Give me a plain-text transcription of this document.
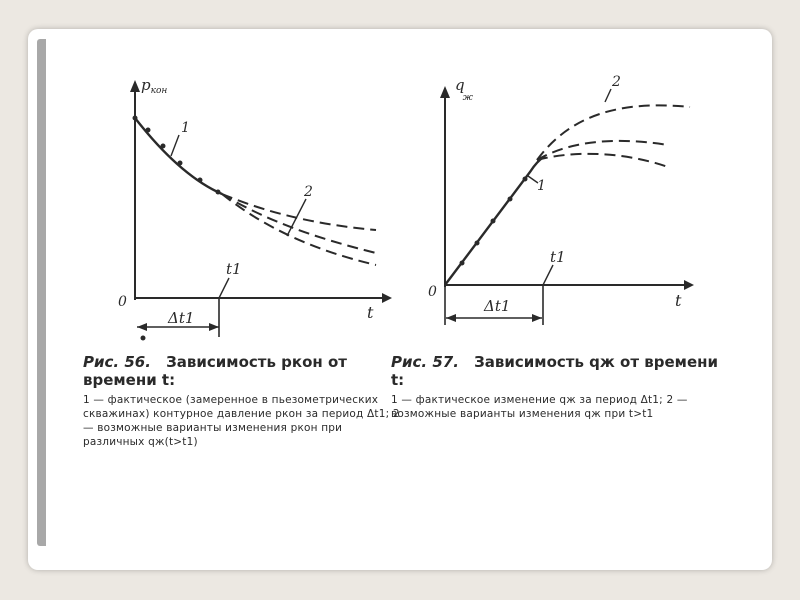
$p_{кон}$
t
0
1
2
t1
Δt1
q ж
t
0
1
2
t1
Δt1
Рис. 56. Зависимость pкон от времени t:
1 — фактическое (замеренное в пьезометрических скважинах) контурное давление pкон за период Δt1; 2 — возможные варианты изменения pкон при различных qж(t>t1)
Рис. 57. Зависимость qж от времени t:
1 — фактическое изменение qж за период Δt1; 2 — возможные варианты изменения qж при t>t1
